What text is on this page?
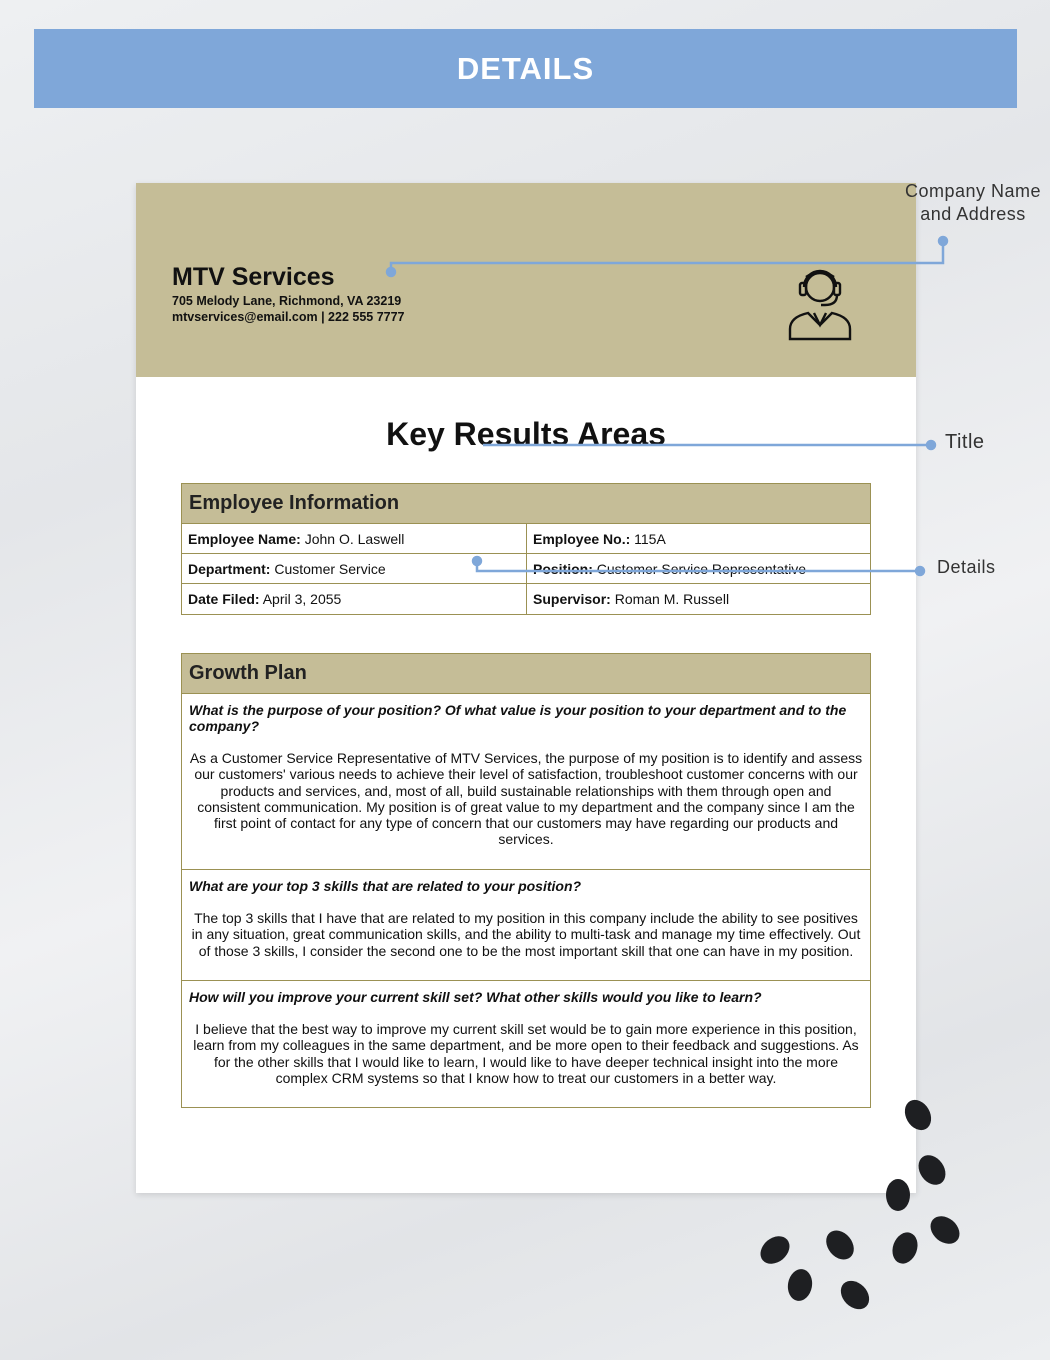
DETAILS
MTV Services
705 Melody Lane, Richmond, VA 23219
mtvservices@email.com | 222 555 7777
Key Results Areas
Employee Information
Employee Name: John O. Laswell	Employee No.: 115A
Department: Customer Service	Position: Customer Service Representative
Date Filed: April 3, 2055	Supervisor: Roman M. Russell
Growth Plan
What is the purpose of your position? Of what value is your position to your department and to the company?
As a Customer Service Representative of MTV Services, the purpose of my position is to identify and assess our customers' various needs to achieve their level of satisfaction, troubleshoot customer concerns with our products and services, and, most of all, build sustainable relationships with them through open and consistent communication. My position is of great value to my department and the company since I am the first point of contact for any type of concern that our customers may have regarding our products and services.
What are your top 3 skills that are related to your position?
The top 3 skills that I have that are related to my position in this company include the ability to see positives in any situation, great communication skills, and the ability to multi-task and manage my time effectively. Out of those 3 skills, I consider the second one to be the most important skill that one can have in my position.
How will you improve your current skill set? What other skills would you like to learn?
I believe that the best way to improve my current skill set would be to gain more experience in this position, learn from my colleagues in the same department, and be more open to their feedback and suggestions. As for the other skills that I would like to learn, I would like to have deeper technical insight into the more complex CRM systems so that I know how to treat our customers in a better way.
Company Name
and Address
Title
Details
